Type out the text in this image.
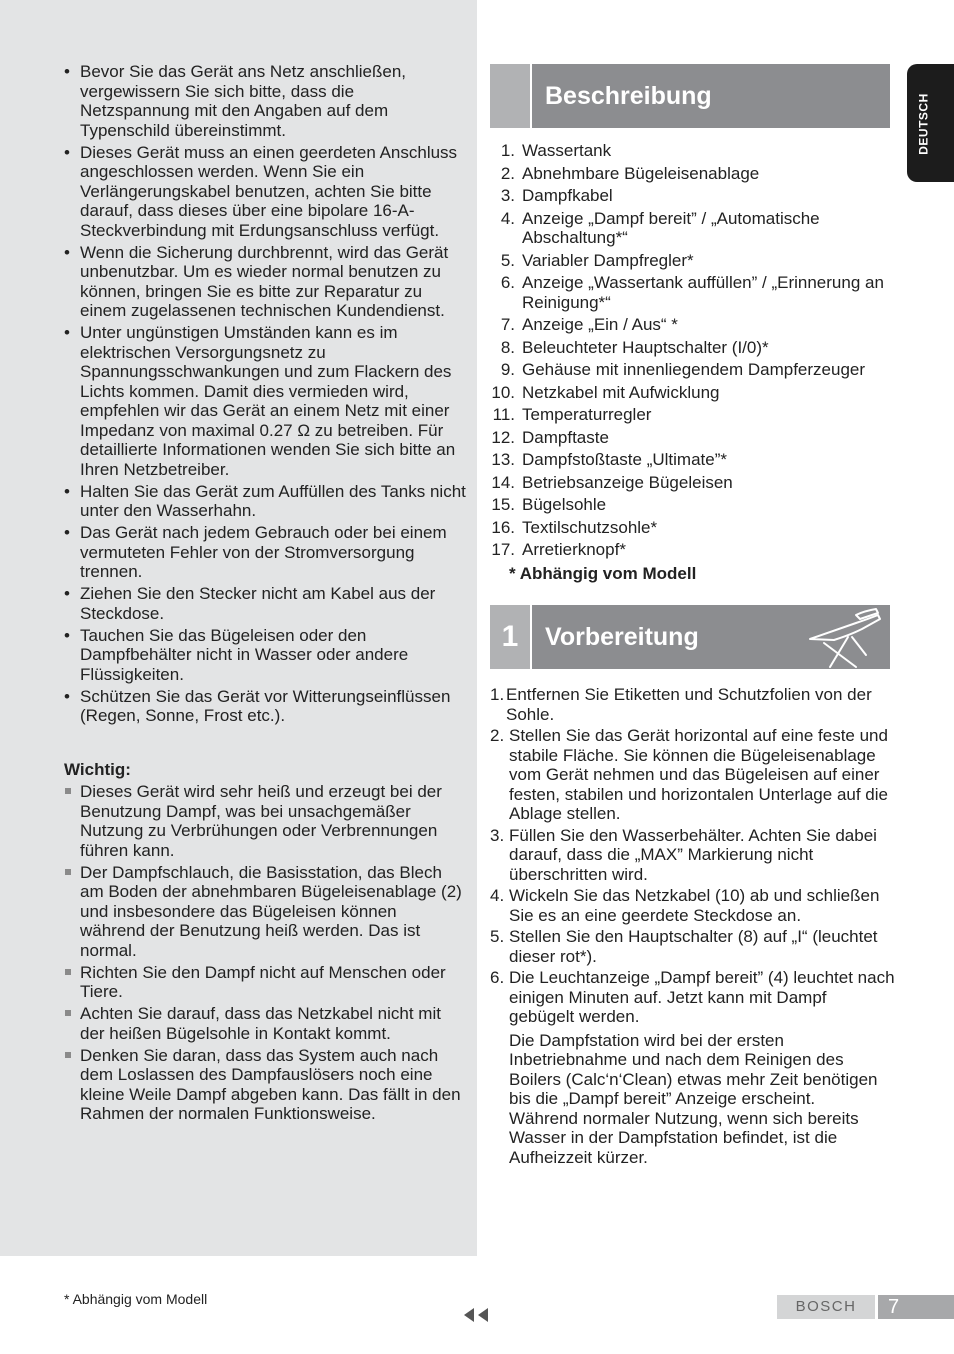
• Bevor Sie das Gerät ans Netz anschließen, vergewissern Sie sich bitte, dass die Netzspannung mit den Angaben auf dem Typenschild übereinstimmt.
• Dieses Gerät muss an einen geerdeten Anschluss angeschlossen werden. Wenn Sie ein Verlängerungskabel benutzen, achten Sie bitte darauf, dass dieses über eine bipolare 16-A-Steckverbindung mit Erdungsanschluss verfügt.
• Wenn die Sicherung durchbrennt, wird das Gerät unbenutzbar. Um es wieder normal benutzen zu können, bringen Sie es bitte zur Reparatur zu einem zugelassenen technischen Kundendienst.
• Unter ungünstigen Umständen kann es im elektrischen Versorgungsnetz zu Spannungsschwankungen und zum Flackern des Lichts kommen. Damit dies vermieden wird, empfehlen wir das Gerät an einem Netz mit einer Impedanz von maximal 0.27 Ω zu betreiben. Für detaillierte Informationen wenden Sie sich bitte an Ihren Netzbetreiber.
• Halten Sie das Gerät zum Auffüllen des Tanks nicht unter den Wasserhahn.
• Das Gerät nach jedem Gebrauch oder bei einem vermuteten Fehler von der Stromversorgung trennen.
• Ziehen Sie den Stecker nicht am Kabel aus der Steckdose.
• Tauchen Sie das Bügeleisen oder den Dampfbehälter nicht in Wasser oder andere Flüssigkeiten.
• Schützen Sie das Gerät vor Witterungseinflüssen (Regen, Sonne, Frost etc.).
Wichtig:
Dieses Gerät wird sehr heiß und erzeugt bei der Benutzung Dampf, was bei unsachgemäßer Nutzung zu Verbrühungen oder Verbrennungen führen kann.
Der Dampfschlauch, die Basisstation, das Blech am Boden der abnehmbaren Bügeleisenablage (2) und insbesondere das Bügeleisen können während der Benutzung heiß werden. Das ist normal.
Richten Sie den Dampf nicht auf Menschen oder Tiere.
Achten Sie darauf, dass das Netzkabel nicht mit der heißen Bügelsohle in Kontakt kommt.
Denken Sie daran, dass das System auch nach dem Loslassen des Dampfauslösers noch eine kleine Weile Dampf abgeben kann. Das fällt in den Rahmen der normalen Funktionsweise.
Beschreibung
1. Wassertank
2. Abnehmbare Bügeleisenablage
3. Dampfkabel
4. Anzeige „Dampf bereit” / „Automatische Abschaltung*“
5. Variabler Dampfregler*
6. Anzeige „Wassertank auffüllen” / „Erinnerung an Reinigung*“
7. Anzeige „Ein / Aus“ *
8. Beleuchteter Hauptschalter (I/0)*
9. Gehäuse mit innenliegendem Dampferzeuger
10. Netzkabel mit Aufwicklung
11. Temperaturregler
12. Dampftaste
13. Dampfstoßtaste „Ultimate”*
14. Betriebsanzeige Bügeleisen
15. Bügelsohle
16. Textilschutzsohle*
17. Arretierknopf*
* Abhängig vom Modell
1	Vorbereitung
1. Entfernen Sie Etiketten und Schutzfolien von der Sohle.
2. Stellen Sie das Gerät horizontal auf eine feste und stabile Fläche. Sie können die Bügeleisenablage vom Gerät nehmen und das Bügeleisen auf einer festen, stabilen und horizontalen Unterlage auf die Ablage stellen.
3. Füllen Sie den Wasserbehälter. Achten Sie dabei darauf, dass die „MAX” Markierung nicht überschritten wird.
4. Wickeln Sie das Netzkabel (10) ab und schließen Sie es an eine geerdete Steckdose an.
5. Stellen Sie den Hauptschalter (8) auf „I“ (leuchtet dieser rot*).
6. Die Leuchtanzeige „Dampf bereit” (4) leuchtet nach einigen Minuten auf. Jetzt kann mit Dampf gebügelt werden.
Die Dampfstation wird bei der ersten Inbetriebnahme und nach dem Reinigen des Boilers (Calc‘n‘Clean) etwas mehr Zeit benötigen bis die „Dampf bereit” Anzeige erscheint.
Während normaler Nutzung, wenn sich bereits Wasser in der Dampfstation befindet, ist die Aufheizzeit kürzer.
DEUTSCH
* Abhängig vom Modell	BOSCH	7
